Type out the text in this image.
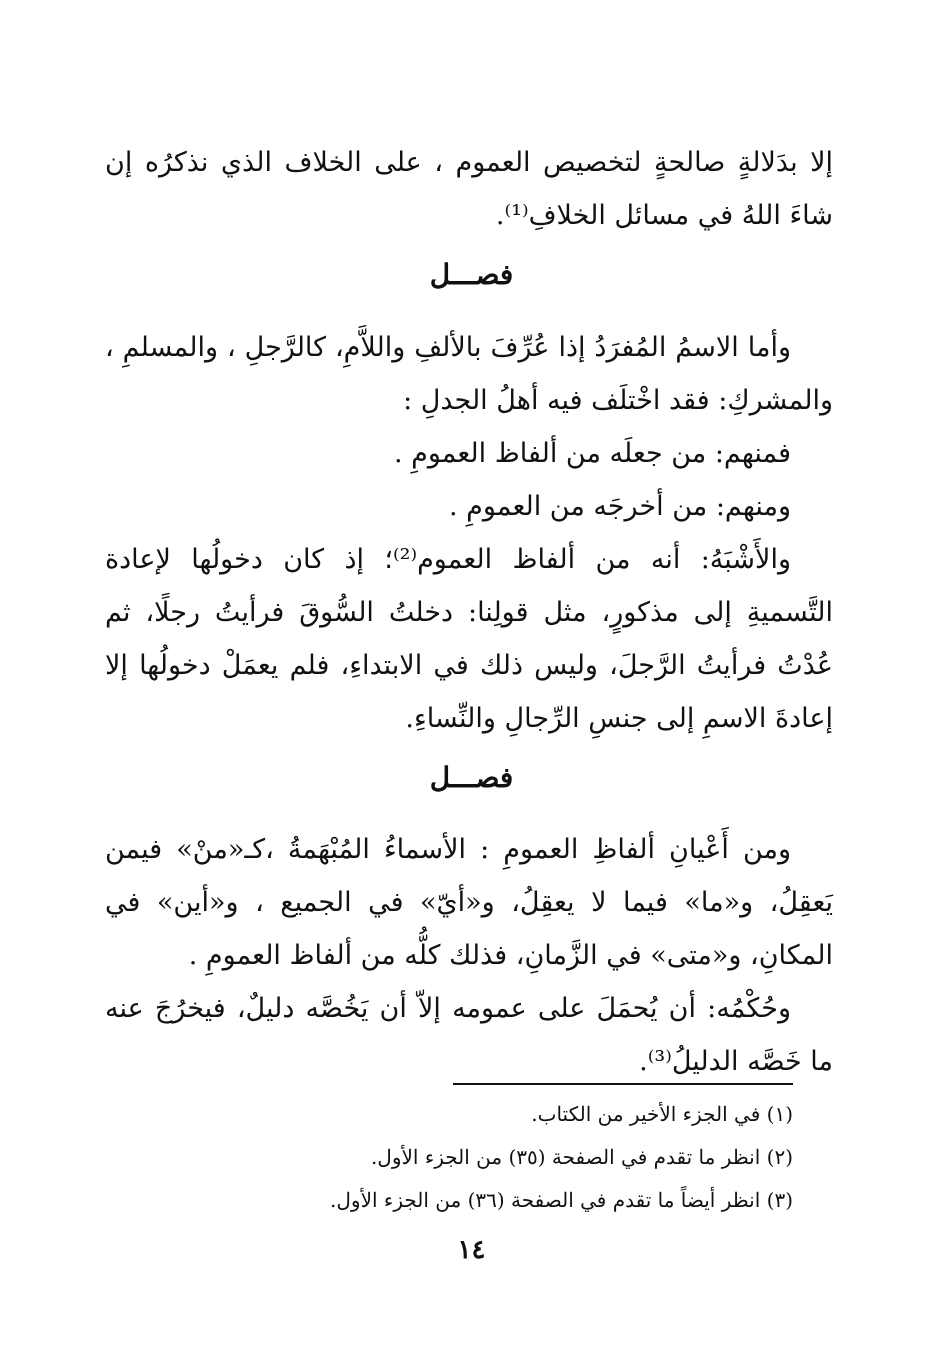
إلا بدَلالةٍ صالحةٍ لتخصيص العموم ، على الخلاف الذي نذكرُه إن شاءَ اللهُ في مسائل الخلافِ⁽¹⁾.

فصـــل

وأما الاسمُ المُفرَدُ إذا عُرِّفَ بالألفِ واللاَّمِ، كالرَّجلِ ، والمسلمِ ، والمشركِ: فقد اخْتلَف فيه أهلُ الجدلِ :

فمنهم: من جعلَه من ألفاظ العمومِ .

ومنهم: من أخرجَه من العمومِ .

والأَشْبَهُ: أنه من ألفاظ العموم⁽²⁾؛ إذ كان دخولُها لإعادة التَّسميةِ إلى مذكورٍ، مثل قولِنا: دخلتُ السُّوقَ فرأيتُ رجلًا، ثم عُدْتُ فرأيتُ الرَّجلَ، وليس ذلك في الابتداءِ، فلم يعمَلْ دخولُها إلا إعادةَ الاسمِ إلى جنسِ الرِّجالِ والنِّساءِ.

فصـــل

ومن أَعْيانِ ألفاظِ العمومِ : الأسماءُ المُبْهَمةُ ،كـ«منْ» فيمن يَعقِلُ، و«ما» فيما لا يعقِلُ، و«أيّ» في الجميع ، و«أين» في المكانِ، و«متى» في الزَّمانِ، فذلك كلُّه من ألفاظ العمومِ .

وحُكْمُه: أن يُحمَلَ على عمومه إلاّ أن يَخُصَّه دليلٌ، فيخرُجَ عنه ما خَصَّه الدليلُ⁽³⁾.

(١) في الجزء الأخير من الكتاب.

(٢) انظر ما تقدم في الصفحة (٣٥) من الجزء الأول.

(٣) انظر أيضاً ما تقدم في الصفحة (٣٦) من الجزء الأول.

١٤
